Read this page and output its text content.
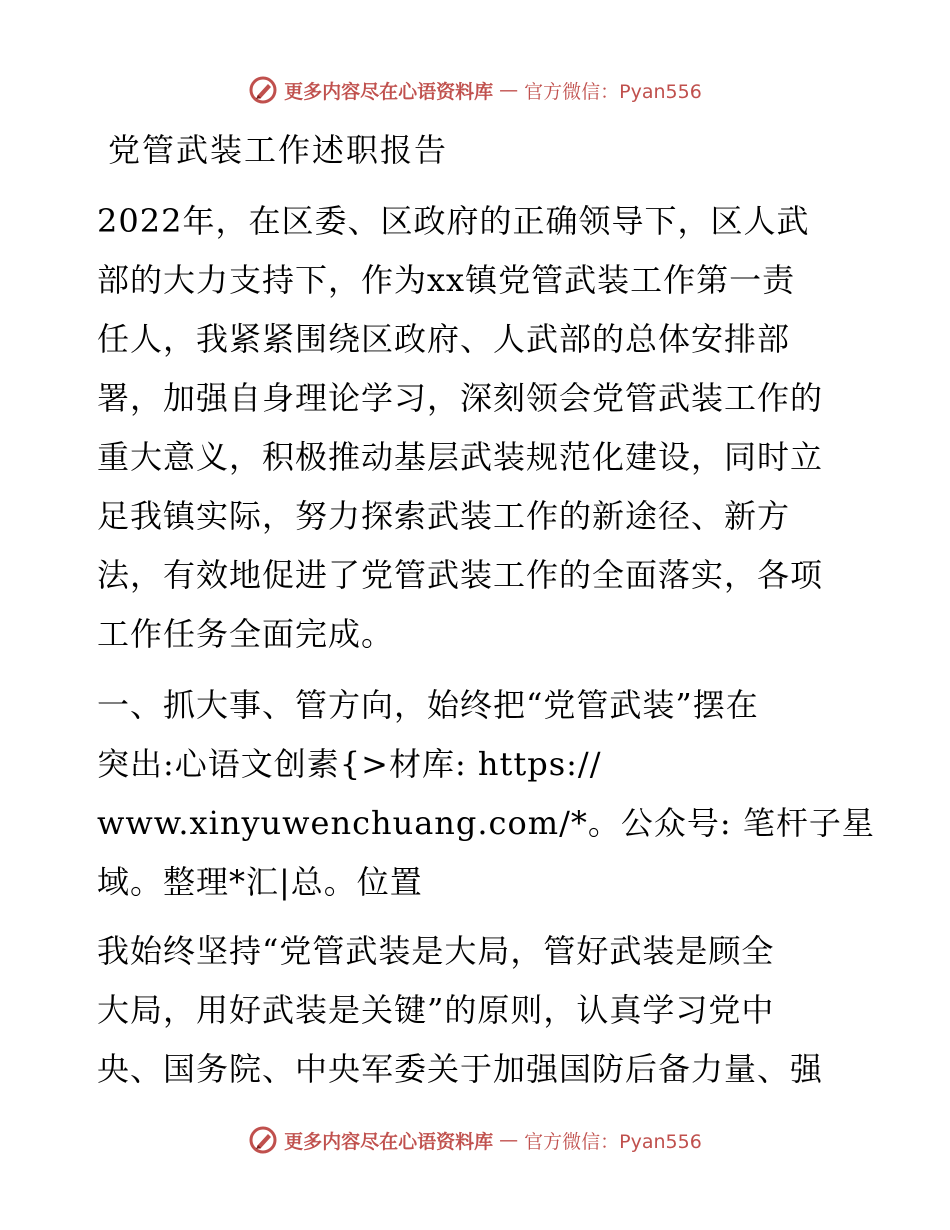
更多内容尽在心语资料库 — 官方微信：Pyan556
党管武装工作述职报告

2022年，在区委、区政府的正确领导下，区人武
部的大力支持下，作为xx镇党管武装工作第一责
任人，我紧紧围绕区政府、人武部的总体安排部
署，加强自身理论学习，深刻领会党管武装工作的
重大意义，积极推动基层武装规范化建设，同时立
足我镇实际，努力探索武装工作的新途径、新方
法，有效地促进了党管武装工作的全面落实，各项
工作任务全面完成。

一、抓大事、管方向，始终把“党管武装”摆在
突出:心语文创素{>材库: https://
www.xinyuwenchuang.com/*。公众号: 笔杆子星
域。整理*汇|总。位置

我始终坚持“党管武装是大局，管好武装是顾全
大局，用好武装是关键”的原则，认真学习党中
央、国务院、中央军委关于加强国防后备力量、强

更多内容尽在心语资料库 — 官方微信：Pyan556
